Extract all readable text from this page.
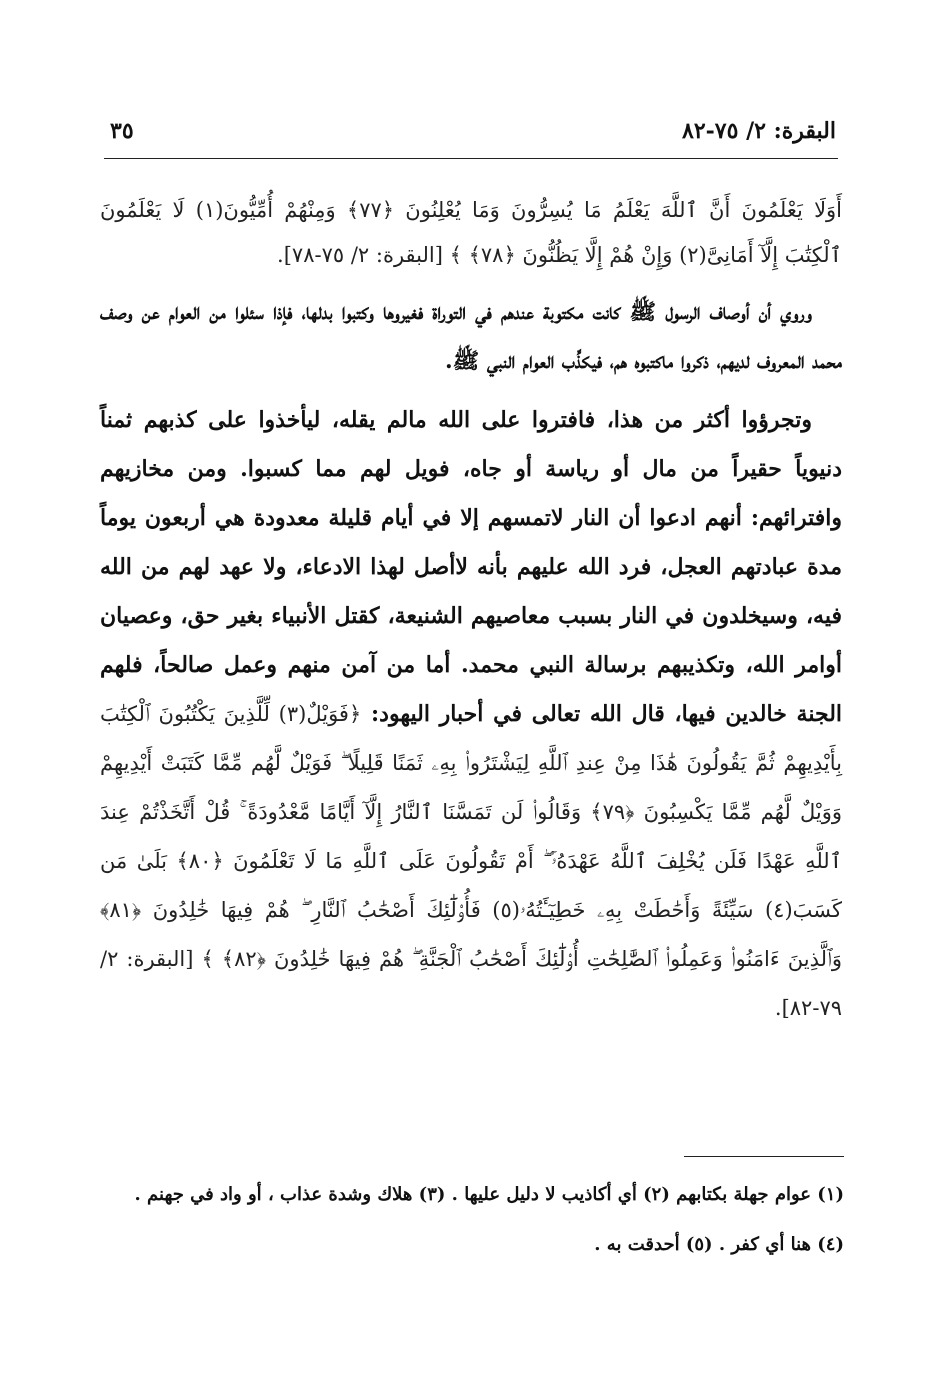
البقرة: ٢/ ٧٥-٨٢
٣٥

أَوَلَا يَعْلَمُونَ أَنَّ ٱللَّهَ يَعْلَمُ مَا يُسِرُّونَ وَمَا يُعْلِنُونَ ﴿٧٧﴾ وَمِنْهُمْ أُمِّيُّونَ(١) لَا يَعْلَمُونَ ٱلْكِتَٰبَ إِلَّآ أَمَانِىَّ(٢) وَإِنْ هُمْ إِلَّا يَظُنُّونَ ﴿٧٨﴾ ﴾ [البقرة: ٢/ ٧٥-٧٨].

وروي أن أوصاف الرسول ﷺ كانت مكتوبة عندهم في التوراة فغيروها وكتبوا بدلها، فإذا سئلوا من العوام عن وصف محمد المعروف لديهم، ذكروا ماكتبوه هم، فيكذِّب العوام النبي ﷺ.

وتجرؤوا أكثر من هذا، فافتروا على الله مالم يقله، ليأخذوا على كذبهم ثمناً دنيوياً حقيراً من مال أو رياسة أو جاه، فويل لهم مما كسبوا. ومن مخازيهم وافترائهم: أنهم ادعوا أن النار لاتمسهم إلا في أيام قليلة معدودة هي أربعون يوماً مدة عبادتهم العجل، فرد الله عليهم بأنه لاأصل لهذا الادعاء، ولا عهد لهم من الله فيه، وسيخلدون في النار بسبب معاصيهم الشنيعة، كقتل الأنبياء بغير حق، وعصيان أوامر الله، وتكذيبهم برسالة النبي محمد. أما من آمن منهم وعمل صالحاً، فلهم الجنة خالدين فيها، قال الله تعالى في أحبار اليهود: ﴿فَوَيْلٌ(٣) لِّلَّذِينَ يَكْتُبُونَ ٱلْكِتَٰبَ بِأَيْدِيهِمْ ثُمَّ يَقُولُونَ هَٰذَا مِنْ عِندِ ٱللَّهِ لِيَشْتَرُوا۟ بِهِۦ ثَمَنًا قَلِيلًا ۖ فَوَيْلٌ لَّهُم مِّمَّا كَتَبَتْ أَيْدِيهِمْ وَوَيْلٌ لَّهُم مِّمَّا يَكْسِبُونَ ﴿٧٩﴾ وَقَالُوا۟ لَن تَمَسَّنَا ٱلنَّارُ إِلَّآ أَيَّامًا مَّعْدُودَةً ۚ قُلْ أَتَّخَذْتُمْ عِندَ ٱللَّهِ عَهْدًا فَلَن يُخْلِفَ ٱللَّهُ عَهْدَهُۥٓ ۖ أَمْ تَقُولُونَ عَلَى ٱللَّهِ مَا لَا تَعْلَمُونَ ﴿٨٠﴾ بَلَىٰ مَن كَسَبَ(٤) سَيِّئَةً وَأَحَٰطَتْ بِهِۦ خَطِيٓـَٔتُهُۥ(٥) فَأُو۟لَٰٓئِكَ أَصْحَٰبُ ٱلنَّارِ ۖ هُمْ فِيهَا خَٰلِدُونَ ﴿٨١﴾ وَٱلَّذِينَ ءَامَنُوا۟ وَعَمِلُوا۟ ٱلصَّٰلِحَٰتِ أُو۟لَٰٓئِكَ أَصْحَٰبُ ٱلْجَنَّةِ ۖ هُمْ فِيهَا خَٰلِدُونَ ﴿٨٢﴾ ﴾ [البقرة: ٢/ ٧٩-٨٢].

(١) عوام جهلة بكتابهم (٢) أي أكاذيب لا دليل عليها . (٣) هلاك وشدة عذاب ، أو واد في جهنم .

(٤) هنا أي كفر . (٥) أحدقت به .
